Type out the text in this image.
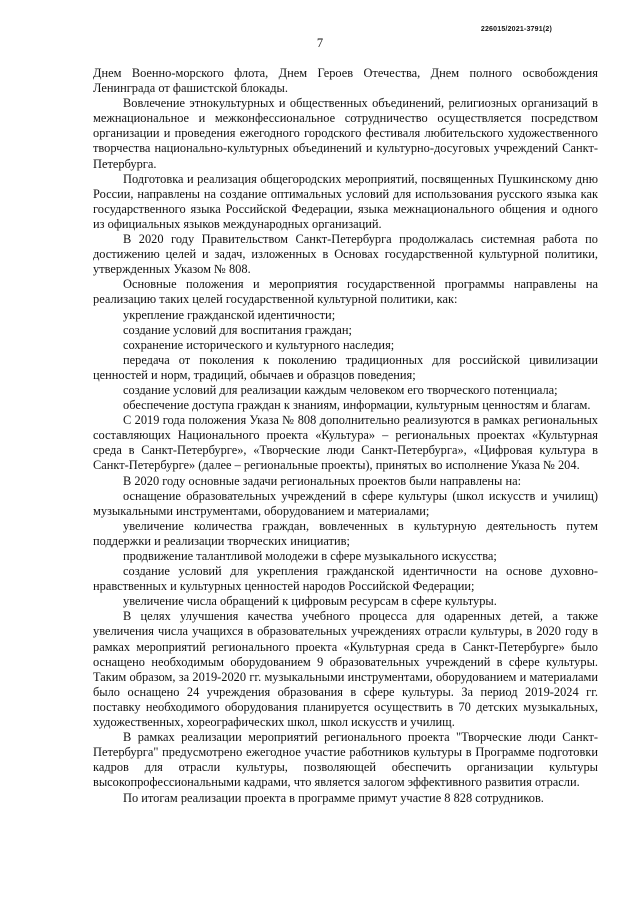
226015/2021-3791(2)
7

Днем Военно-морского флота, Днем Героев Отечества, Днем полного освобождения Ленинграда от фашистской блокады.

Вовлечение этнокультурных и общественных объединений, религиозных организаций в межнациональное и межконфессиональное сотрудничество осуществляется посредством организации и проведения ежегодного городского фестиваля любительского художественного творчества национально-культурных объединений и культурно-досуговых учреждений Санкт-Петербурга.

Подготовка и реализация общегородских мероприятий, посвященных Пушкинскому дню России, направлены на создание оптимальных условий для использования русского языка как государственного языка Российской Федерации, языка межнационального общения и одного из официальных языков международных организаций.

В 2020 году Правительством Санкт-Петербурга продолжалась системная работа по достижению целей и задач, изложенных в Основах государственной культурной политики, утвержденных Указом № 808.

Основные положения и мероприятия государственной программы направлены на реализацию таких целей государственной культурной политики, как:

укрепление гражданской идентичности;

создание условий для воспитания граждан;

сохранение исторического и культурного наследия;

передача от поколения к поколению традиционных для российской цивилизации ценностей и норм, традиций, обычаев и образцов поведения;

создание условий для реализации каждым человеком его творческого потенциала;

обеспечение доступа граждан к знаниям, информации, культурным ценностям и благам.

С 2019 года положения Указа № 808 дополнительно реализуются в рамках региональных составляющих Национального проекта «Культура» – региональных проектах «Культурная среда в Санкт-Петербурге», «Творческие люди Санкт-Петербурга», «Цифровая культура в Санкт-Петербурге» (далее – региональные проекты), принятых во исполнение Указа № 204.

В 2020 году основные задачи региональных проектов были направлены на:

оснащение образовательных учреждений в сфере культуры (школ искусств и училищ) музыкальными инструментами, оборудованием и материалами;

увеличение количества граждан, вовлеченных в культурную деятельность путем поддержки и реализации творческих инициатив;

продвижение талантливой молодежи в сфере музыкального искусства;

создание условий для укрепления гражданской идентичности на основе духовно-нравственных и культурных ценностей народов Российской Федерации;

увеличение числа обращений к цифровым ресурсам в сфере культуры.

В целях улучшения качества учебного процесса для одаренных детей, а также увеличения числа учащихся в образовательных учреждениях отрасли культуры, в 2020 году в рамках мероприятий регионального проекта «Культурная среда в Санкт-Петербурге» было оснащено необходимым оборудованием 9 образовательных учреждений в сфере культуры. Таким образом, за 2019-2020 гг. музыкальными инструментами, оборудованием и материалами было оснащено 24 учреждения образования в сфере культуры. За период 2019-2024 гг. поставку необходимого оборудования планируется осуществить в 70 детских музыкальных, художественных, хореографических школ, школ искусств и училищ.

В рамках реализации мероприятий регионального проекта "Творческие люди Санкт-Петербурга" предусмотрено ежегодное участие работников культуры в Программе подготовки кадров для отрасли культуры, позволяющей обеспечить организации культуры высокопрофессиональными кадрами, что является залогом эффективного развития отрасли.

По итогам реализации проекта в программе примут участие 8 828 сотрудников.
